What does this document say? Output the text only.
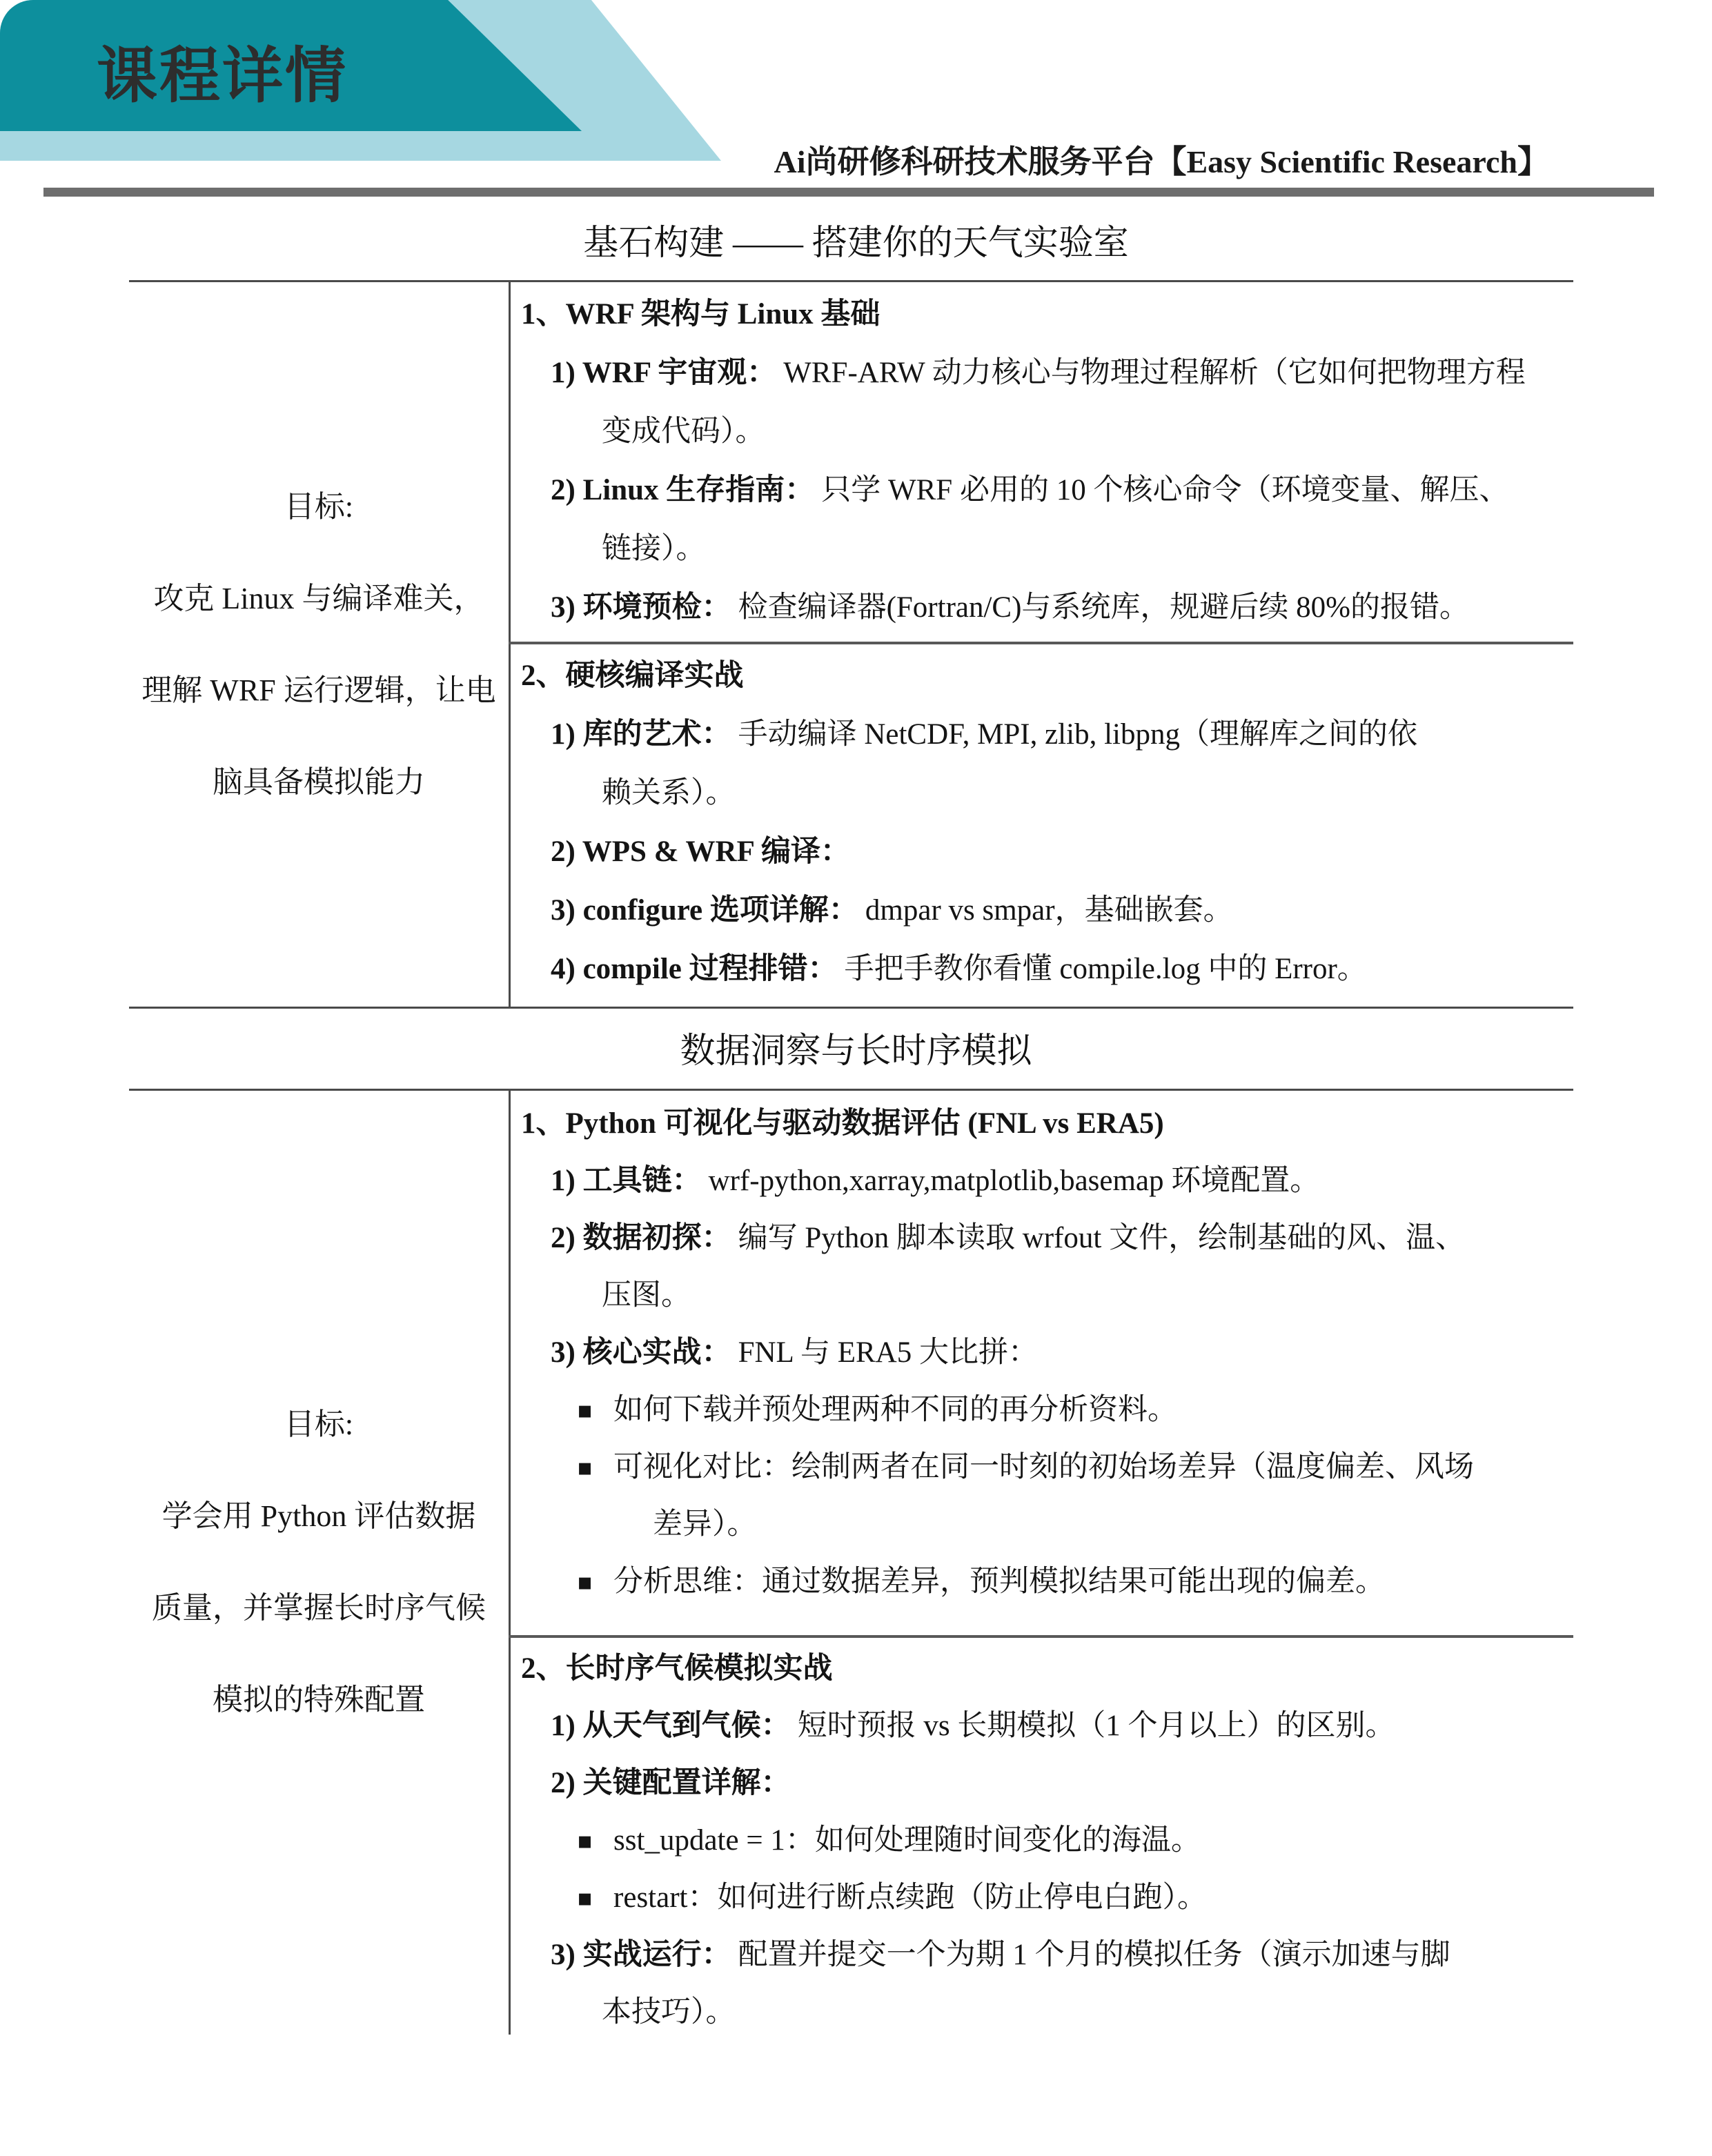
课程详情
Ai尚研修科研技术服务平台【Easy Scientific Research】
基石构建 —— 搭建你的天气实验室
目标:
攻克 Linux 与编译难关，
理解 WRF 运行逻辑，让电
脑具备模拟能力
1、WRF 架构与 Linux 基础
1) WRF 宇宙观： WRF-ARW 动力核心与物理过程解析（它如何把物理方程
变成代码）。
2) Linux 生存指南： 只学 WRF 必用的 10 个核心命令（环境变量、解压、
链接）。
3) 环境预检： 检查编译器(Fortran/C)与系统库，规避后续 80%的报错。
2、硬核编译实战
1) 库的艺术： 手动编译 NetCDF, MPI, zlib, libpng（理解库之间的依
赖关系）。
2) WPS & WRF 编译：
3) configure 选项详解： dmpar vs smpar，基础嵌套。
4) compile 过程排错： 手把手教你看懂 compile.log 中的 Error。
数据洞察与长时序模拟
目标:
学会用 Python 评估数据
质量，并掌握长时序气候
模拟的特殊配置
1、Python 可视化与驱动数据评估 (FNL vs ERA5)
1) 工具链： wrf-python,xarray,matplotlib,basemap 环境配置。
2) 数据初探： 编写 Python 脚本读取 wrfout 文件，绘制基础的风、温、
压图。
3) 核心实战： FNL 与 ERA5 大比拼：
▪ 如何下载并预处理两种不同的再分析资料。
▪ 可视化对比：绘制两者在同一时刻的初始场差异（温度偏差、风场
差异）。
▪ 分析思维：通过数据差异，预判模拟结果可能出现的偏差。
2、长时序气候模拟实战
1) 从天气到气候： 短时预报 vs 长期模拟（1 个月以上）的区别。
2) 关键配置详解：
▪ sst_update = 1：如何处理随时间变化的海温。
▪ restart：如何进行断点续跑（防止停电白跑）。
3) 实战运行： 配置并提交一个为期 1 个月的模拟任务（演示加速与脚
本技巧）。
